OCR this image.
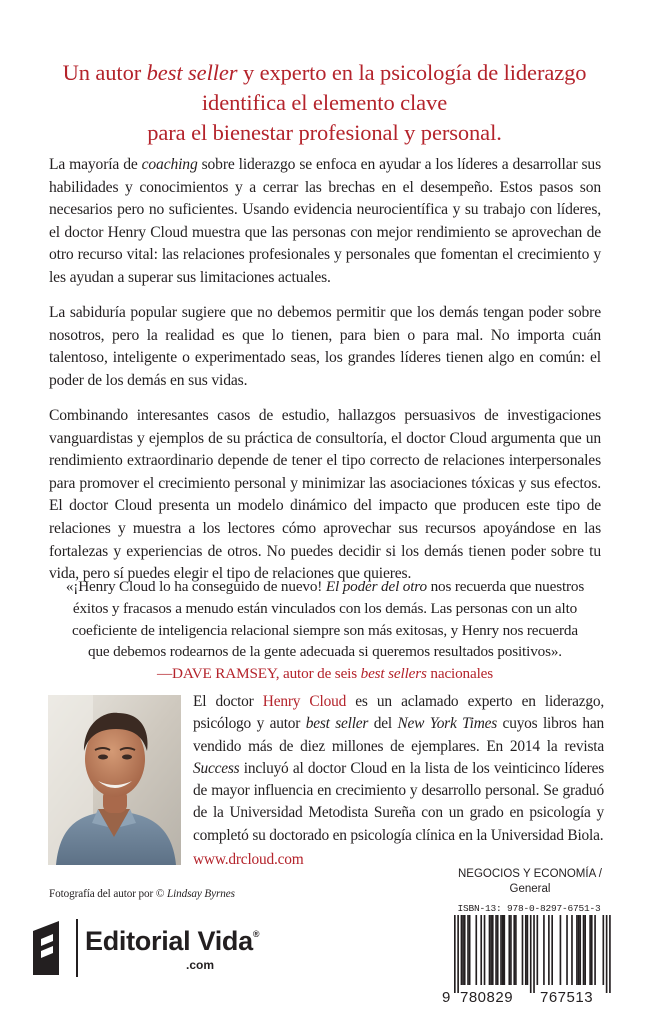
Un autor best seller y experto en la psicología de liderazgo

identifica el elemento clave

para el bienestar profesional y personal.

La mayoría de coaching sobre liderazgo se enfoca en ayudar a los líderes a desarrollar sus habilidades y conocimientos y a cerrar las brechas en el desempeño. Estos pasos son necesarios pero no suficientes. Usando evidencia neurocientífica y su trabajo con líderes, el doctor Henry Cloud muestra que las personas con mejor rendimiento se aprovechan de otro recurso vital: las relaciones profesionales y personales que fomentan el crecimiento y les ayudan a superar sus limitaciones actuales.

La sabiduría popular sugiere que no debemos permitir que los demás tengan poder sobre nosotros, pero la realidad es que lo tienen, para bien o para mal. No importa cuán talentoso, inteligente o experimentado seas, los grandes líderes tienen algo en común: el poder de los demás en sus vidas.

Combinando interesantes casos de estudio, hallazgos persuasivos de investigaciones vanguardistas y ejemplos de su práctica de consultoría, el doctor Cloud argumenta que un rendimiento extraordinario depende de tener el tipo correcto de relaciones interpersonales para promover el crecimiento personal y minimizar las asociaciones tóxicas y sus efectos. El doctor Cloud presenta un modelo dinámico del impacto que producen este tipo de relaciones y muestra a los lectores cómo aprovechar sus recursos apoyándose en las fortalezas y experiencias de otros. No puedes decidir si los demás tienen poder sobre tu vida, pero sí puedes elegir el tipo de relaciones que quieres.

«¡Henry Cloud lo ha conseguido de nuevo! El poder del otro nos recuerda que nuestros éxitos y fracasos a menudo están vinculados con los demás. Las personas con un alto coeficiente de inteligencia relacional siempre son más exitosas, y Henry nos recuerda que debemos rodearnos de la gente adecuada si queremos resultados positivos».

—DAVE RAMSEY, autor de seis best sellers nacionales

El doctor Henry Cloud es un aclamado experto en liderazgo, psicólogo y autor best seller del New York Times cuyos libros han vendido más de diez millones de ejemplares. En 2014 la revista Success incluyó al doctor Cloud en la lista de los veinticinco líderes de mayor influencia en crecimiento y desarrollo personal. Se graduó de la Universidad Metodista Sureña con un grado en psicología y completó su doctorado en psicología clínica en la Universidad Biola.

www.drcloud.com

Fotografía del autor por © Lindsay Byrnes
Editorial Vida®
.com
NEGOCIOS Y ECONOMÍA /
General
ISBN-13: 978-0-8297-6751-3
9 780829 767513
